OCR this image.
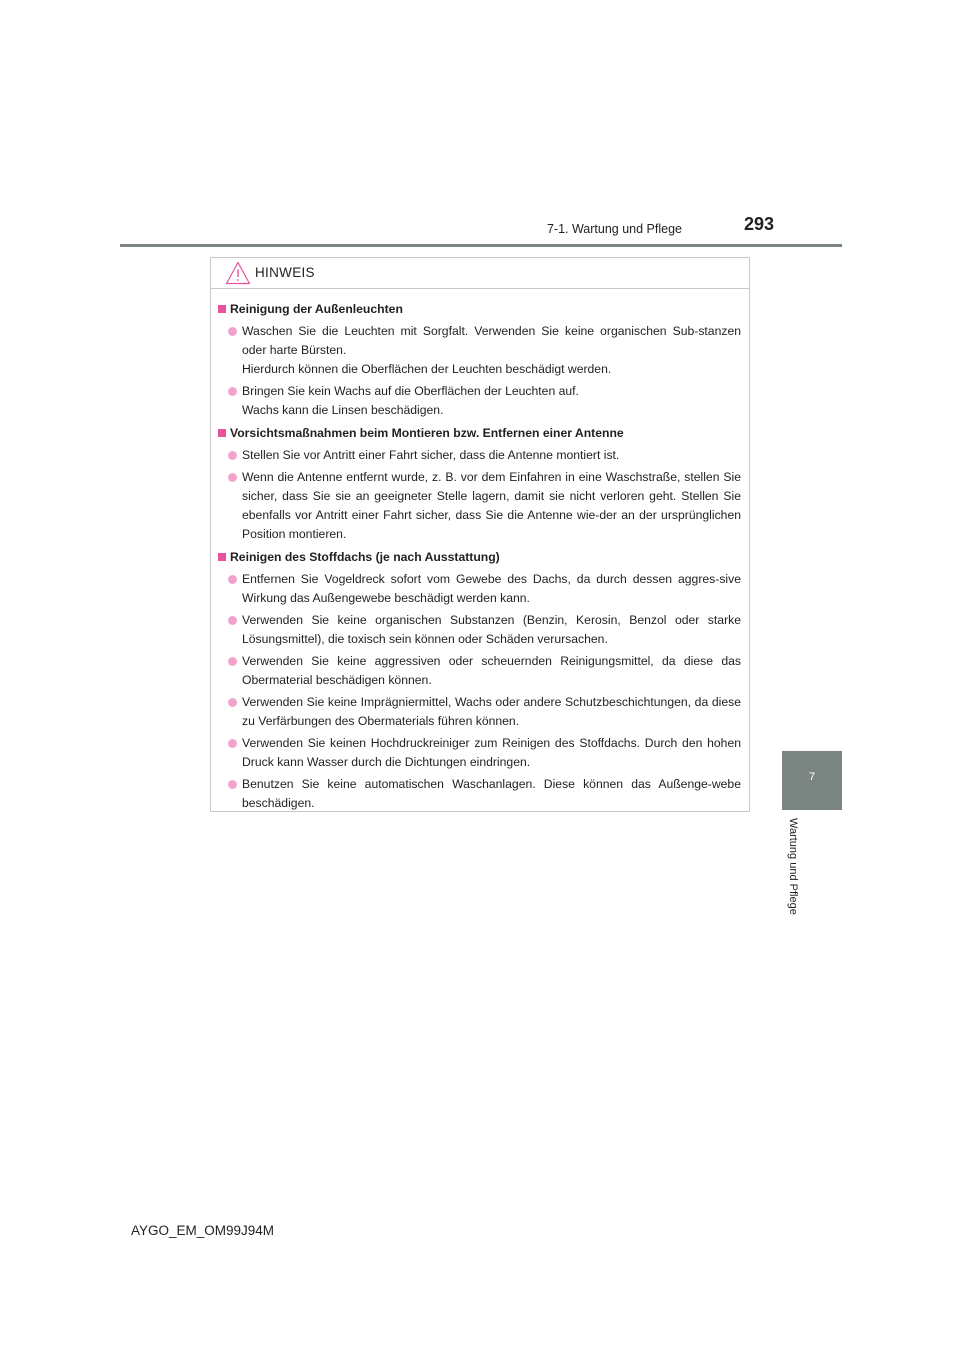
7-1. Wartung und Pflege	293
7
Wartung und Pflege
HINWEIS
Reinigung der Außenleuchten

Waschen Sie die Leuchten mit Sorgfalt. Verwenden Sie keine organischen Sub-stanzen oder harte Bürsten.

Hierdurch können die Oberflächen der Leuchten beschädigt werden.

Bringen Sie kein Wachs auf die Oberflächen der Leuchten auf.

Wachs kann die Linsen beschädigen.

Vorsichtsmaßnahmen beim Montieren bzw. Entfernen einer Antenne

Stellen Sie vor Antritt einer Fahrt sicher, dass die Antenne montiert ist.

Wenn die Antenne entfernt wurde, z. B. vor dem Einfahren in eine Waschstraße, stellen Sie sicher, dass Sie sie an geeigneter Stelle lagern, damit sie nicht verloren geht. Stellen Sie ebenfalls vor Antritt einer Fahrt sicher, dass Sie die Antenne wie-der an der ursprünglichen Position montieren.

Reinigen des Stoffdachs (je nach Ausstattung)

Entfernen Sie Vogeldreck sofort vom Gewebe des Dachs, da durch dessen aggres-sive Wirkung das Außengewebe beschädigt werden kann.

Verwenden Sie keine organischen Substanzen (Benzin, Kerosin, Benzol oder starke Lösungsmittel), die toxisch sein können oder Schäden verursachen.

Verwenden Sie keine aggressiven oder scheuernden Reinigungsmittel, da diese das Obermaterial beschädigen können.

Verwenden Sie keine Imprägniermittel, Wachs oder andere Schutzbeschichtungen, da diese zu Verfärbungen des Obermaterials führen können.

Verwenden Sie keinen Hochdruckreiniger zum Reinigen des Stoffdachs. Durch den hohen Druck kann Wasser durch die Dichtungen eindringen.

Benutzen Sie keine automatischen Waschanlagen. Diese können das Außenge-webe beschädigen.

AYGO_EM_OM99J94M
